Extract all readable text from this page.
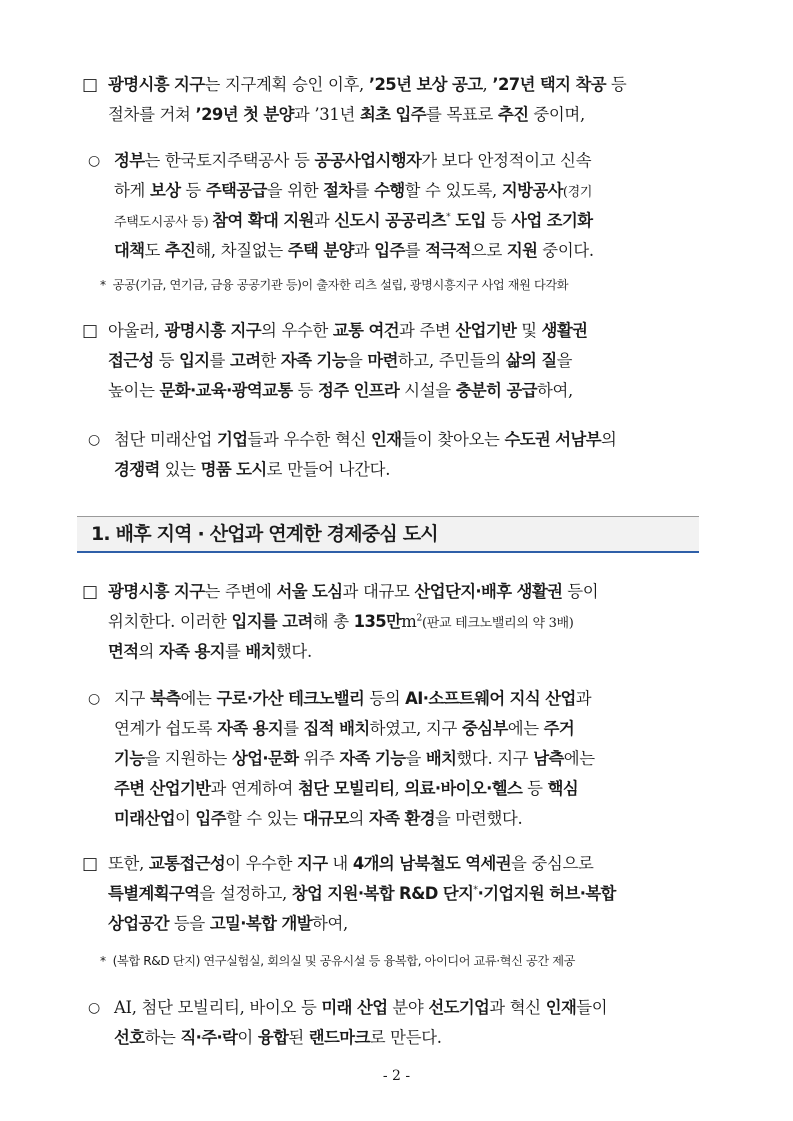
□ 광명시흥 지구는 지구계획 승인 이후, ’25년 보상 공고, ’27년 택지 착공 등
절차를 거쳐 ’29년 첫 분양과 ’31년 최초 입주를 목표로 추진 중이며,
○ 정부는 한국토지주택공사 등 공공사업시행자가 보다 안정적이고 신속
하게 보상 등 주택공급을 위한 절차를 수행할 수 있도록, 지방공사(경기
주택도시공사 등) 참여 확대 지원과 신도시 공공리츠* 도입 등 사업 조기화
대책도 추진해, 차질없는 주택 분양과 입주를 적극적으로 지원 중이다.
* 공공(기금, 연기금, 금융 공공기관 등)이 출자한 리츠 설립, 광명시흥지구 사업 재원 다각화
□ 아울러, 광명시흥 지구의 우수한 교통 여건과 주변 산업기반 및 생활권
접근성 등 입지를 고려한 자족 기능을 마련하고, 주민들의 삶의 질을
높이는 문화·교육·광역교통 등 정주 인프라 시설을 충분히 공급하여,
○ 첨단 미래산업 기업들과 우수한 혁신 인재들이 찾아오는 수도권 서남부의
경쟁력 있는 명품 도시로 만들어 나간다.
1. 배후 지역 · 산업과 연계한 경제중심 도시
□ 광명시흥 지구는 주변에 서울 도심과 대규모 산업단지·배후 생활권 등이
위치한다. 이러한 입지를 고려해 총 135만$m^2$(판교 테크노밸리의 약 3배)
면적의 자족 용지를 배치했다.
○ 지구 북측에는 구로·가산 테크노밸리 등의 AI·소프트웨어 지식 산업과
연계가 쉽도록 자족 용지를 집적 배치하였고, 지구 중심부에는 주거
기능을 지원하는 상업·문화 위주 자족 기능을 배치했다. 지구 남측에는
주변 산업기반과 연계하여 첨단 모빌리티, 의료·바이오·헬스 등 핵심
미래산업이 입주할 수 있는 대규모의 자족 환경을 마련했다.
□ 또한, 교통접근성이 우수한 지구 내 4개의 남북철도 역세권을 중심으로
특별계획구역을 설정하고, 창업 지원·복합 R&D 단지*·기업지원 허브·복합
상업공간 등을 고밀·복합 개발하여,
* (복합 R&D 단지) 연구실험실, 회의실 및 공유시설 등 융복합, 아이디어 교류·혁신 공간 제공
○ AI, 첨단 모빌리티, 바이오 등 미래 산업 분야 선도기업과 혁신 인재들이
선호하는 직·주·락이 융합된 랜드마크로 만든다.
- 2 -
